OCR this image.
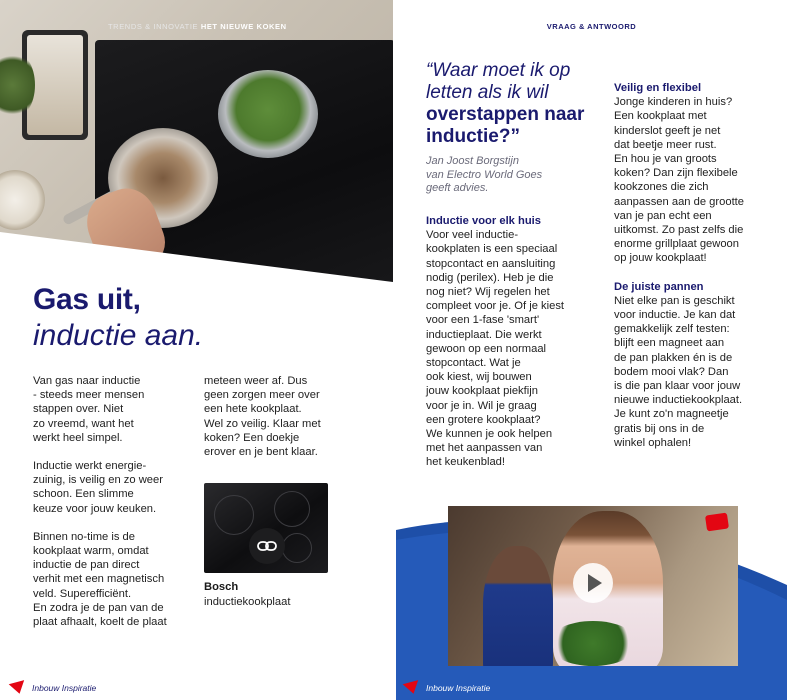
TRENDS & INNOVATIE HET NIEUWE KOKEN
Gas uit,
inductie aan.

Van gas naar inductie
- steeds meer mensen
stappen over. Niet
zo vreemd, want het
werkt heel simpel.

Inductie werkt energie-
zuinig, is veilig en zo weer
schoon. Een slimme
keuze voor jouw keuken.

Binnen no-time is de
kookplaat warm, omdat
inductie de pan direct
verhit met een magnetisch
veld. Superefficiënt.
En zodra je de pan van de
plaat afhaalt, koelt de plaat

meteen weer af. Dus
geen zorgen meer over
een hete kookplaat.
Wel zo veilig. Klaar met
koken? Een doekje
erover en je bent klaar.

Bosch
inductiekookplaat
Inbouw Inspiratie
VRAAG & ANTWOORD
“Waar moet ik op letten als ik wil overstappen naar inductie?”
Jan Joost Borgstijn
van Electro World Goes
geeft advies.
Inductie voor elk huis

Voor veel inductie-
kookplaten is een speciaal
stopcontact en aansluiting
nodig (perilex). Heb je die
nog niet? Wij regelen het
compleet voor je. Of je kiest
voor een 1-fase 'smart'
inductieplaat. Die werkt
gewoon op een normaal
stopcontact. Wat je
ook kiest, wij bouwen
jouw kookplaat piekfijn
voor je in. Wil je graag
een grotere kookplaat?
We kunnen je ook helpen
met het aanpassen van
het keukenblad!

Veilig en flexibel

Jonge kinderen in huis?
Een kookplaat met
kinderslot geeft je net
dat beetje meer rust.
En hou je van groots
koken? Dan zijn flexibele
kookzones die zich
aanpassen aan de grootte
van je pan echt een
uitkomst. Zo past zelfs die
enorme grillplaat gewoon
op jouw kookplaat!

De juiste pannen

Niet elke pan is geschikt
voor inductie. Je kan dat
gemakkelijk zelf testen:
blijft een magneet aan
de pan plakken én is de
bodem mooi vlak? Dan
is die pan klaar voor jouw
nieuwe inductiekookplaat.
Je kunt zo'n magneetje
gratis bij ons in de
winkel ophalen!

Inbouw Inspiratie
